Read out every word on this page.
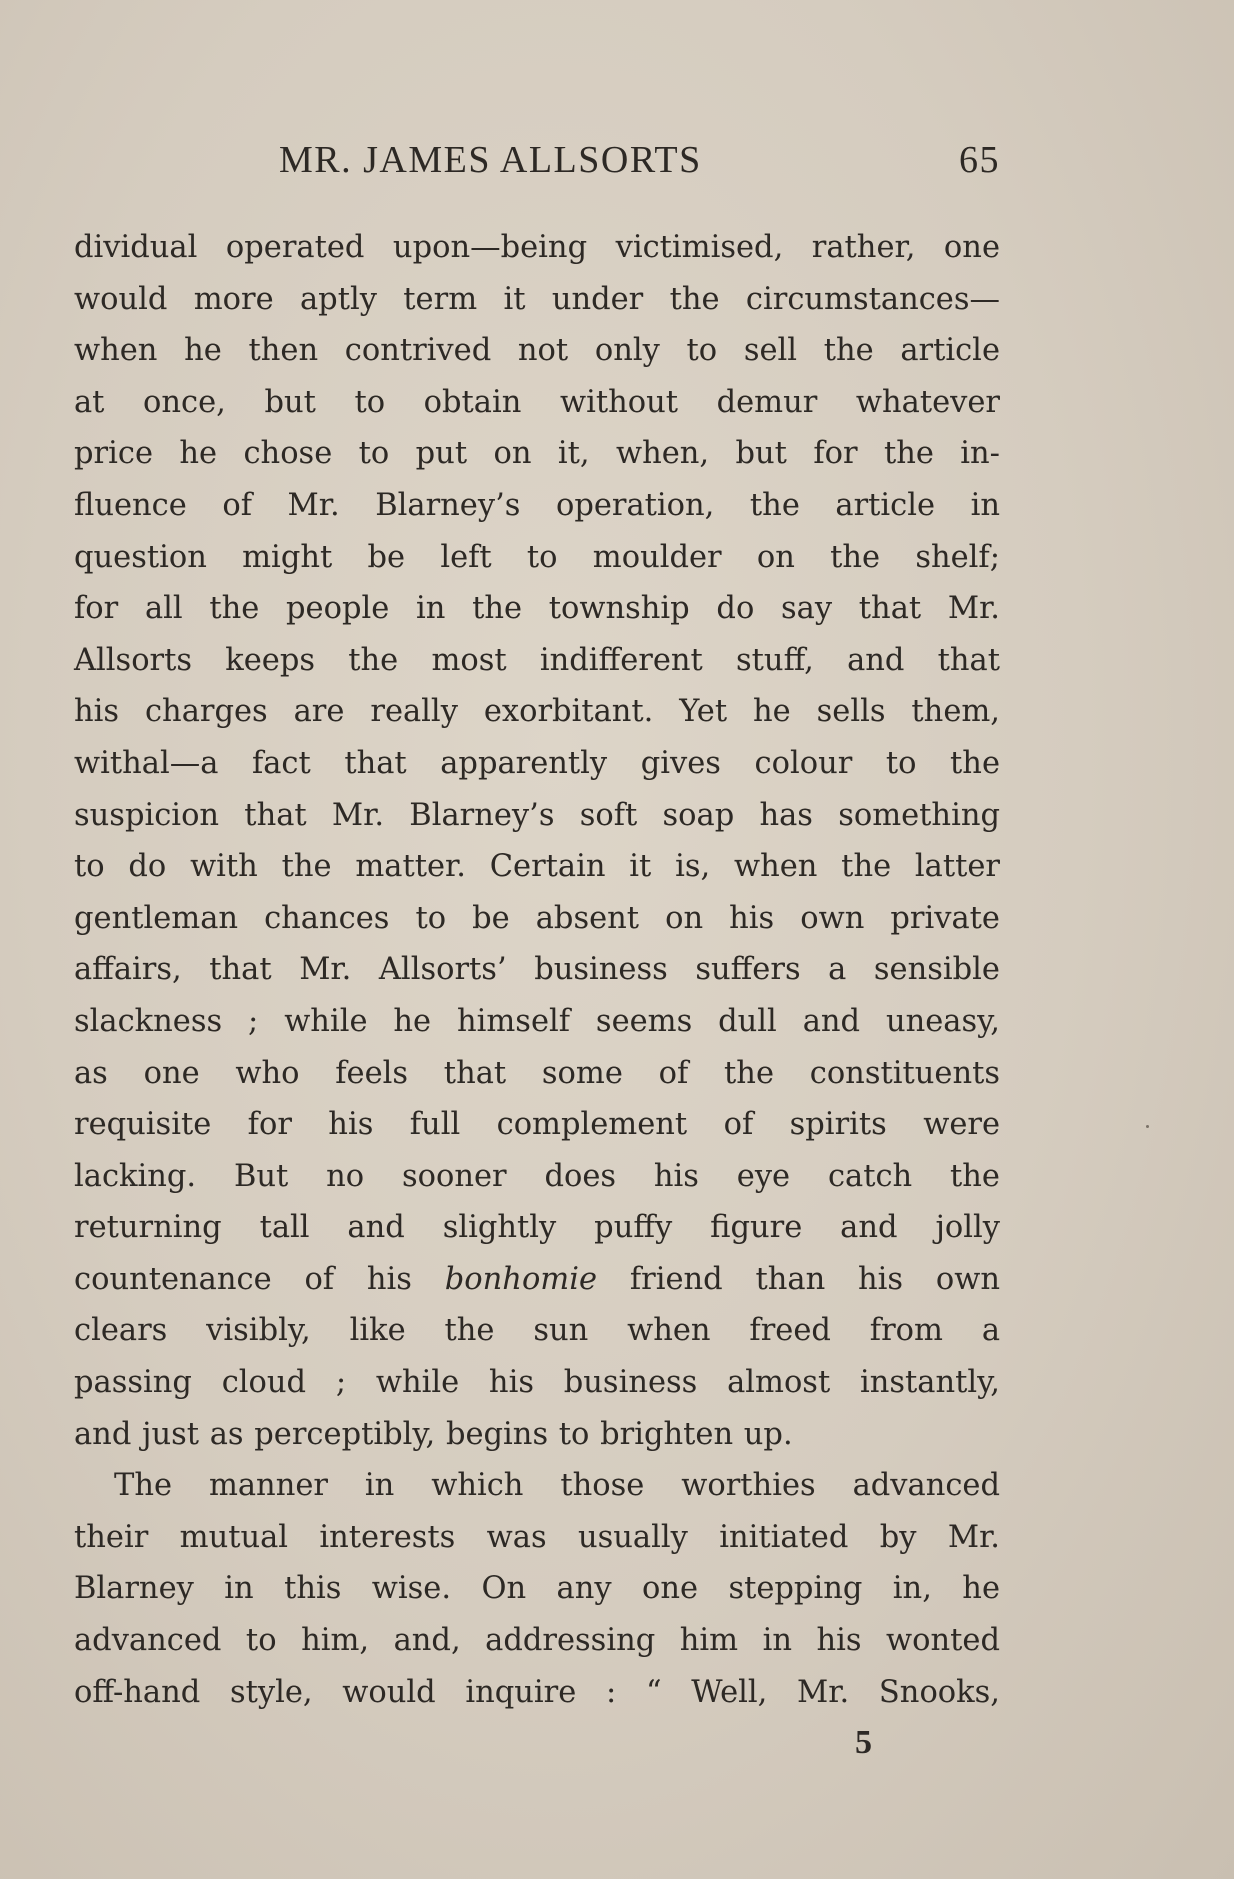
MR. JAMES ALLSORTS	65
dividual operated upon—being victimised, rather, one
would more aptly term it under the circumstances—
when he then contrived not only to sell the article
at once, but to obtain without demur whatever
price he chose to put on it, when, but for the in-
fluence of Mr. Blarney’s operation, the article in
question might be left to moulder on the shelf;
for all the people in the township do say that Mr.
Allsorts keeps the most indifferent stuff, and that
his charges are really exorbitant. Yet he sells them,
withal—a fact that apparently gives colour to the
suspicion that Mr. Blarney’s soft soap has something
to do with the matter. Certain it is, when the latter
gentleman chances to be absent on his own private
affairs, that Mr. Allsorts’ business suffers a sensible
slackness ; while he himself seems dull and uneasy,
as one who feels that some of the constituents
requisite for his full complement of spirits were
lacking. But no sooner does his eye catch the
returning tall and slightly puffy figure and jolly
countenance of his bonhomie friend than his own
clears visibly, like the sun when freed from a
passing cloud ; while his business almost instantly,
and just as perceptibly, begins to brighten up.
The manner in which those worthies advanced
their mutual interests was usually initiated by Mr.
Blarney in this wise. On any one stepping in, he
advanced to him, and, addressing him in his wonted
off-hand style, would inquire : “ Well, Mr. Snooks,
5
